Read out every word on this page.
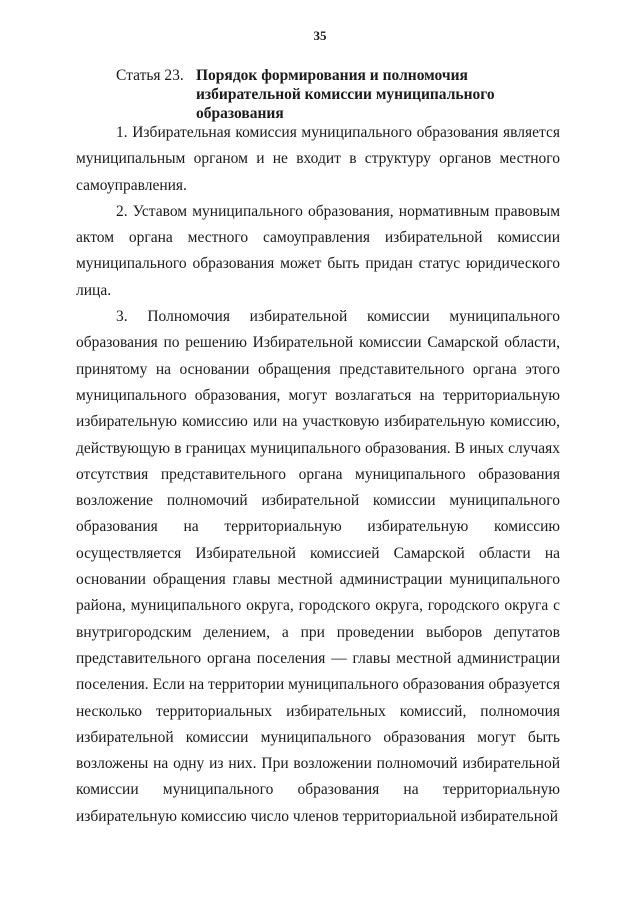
35
Статья 23. Порядок формирования и полномочия избирательной комиссии муниципального образования

1. Избирательная комиссия муниципального образования является муниципальным органом и не входит в структуру органов местного самоуправления.

2. Уставом муниципального образования, нормативным правовым актом органа местного самоуправления избирательной комиссии муниципального образования может быть придан статус юридического лица.

3. Полномочия избирательной комиссии муниципального образования по решению Избирательной комиссии Самарской области, принятому на основании обращения представительного органа этого муниципального образования, могут возлагаться на территориальную избирательную комиссию или на участковую избирательную комиссию, действующую в границах муниципального образования. В иных случаях отсутствия представительного органа муниципального образования возложение полномочий избирательной комиссии муниципального образования на территориальную избирательную комиссию осуществляется Избирательной комиссией Самарской области на основании обращения главы местной администрации муниципального района, муниципального округа, городского округа, городского округа с внутригородским делением, а при проведении выборов депутатов представительного органа поселения — главы местной администрации поселения. Если на территории муниципального образования образуется несколько территориальных избирательных комиссий, полномочия избирательной комиссии муниципального образования могут быть возложены на одну из них. При возложении полномочий избирательной комиссии муниципального образования на территориальную избирательную комиссию число членов территориальной избирательной
